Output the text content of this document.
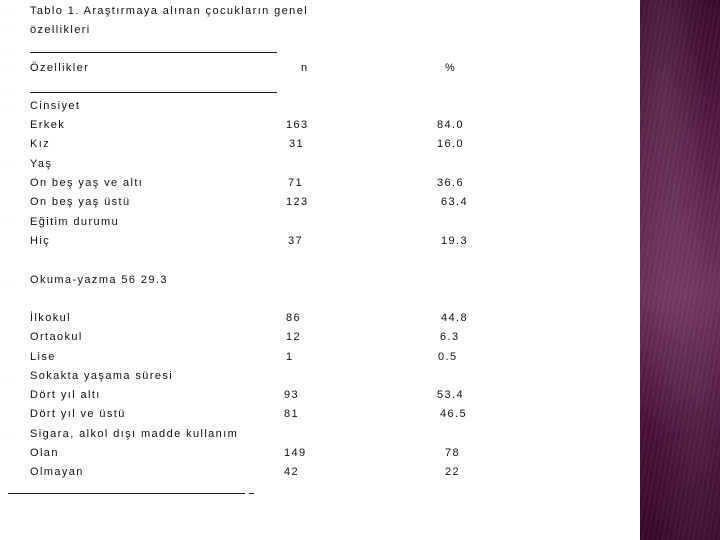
·
·
·
·
·
·
·
·
·
·
·
Tablo 1. Araştırmaya alınan çocukların genel
özellikleri
Özellikler	n	%
Cinsiyet
Erkek	163	84.0
Kız	31	16.0
Yaş
On beş yaş ve altı	71	36.6
On beş yaş üstü	123	63.4
Eğitim durumu
Hiç	37	19.3
Okuma-yazma 56 29.3
İlkokul	86	44.8
Ortaokul	12	6.3
Lise	1	0.5
Sokakta yaşama süresi
Dört yıl altı	93	53.4
Dört yıl ve üstü	81	46.5
Sigara, alkol dışı madde kullanım
Olan	149	78
Olmayan	42	22
